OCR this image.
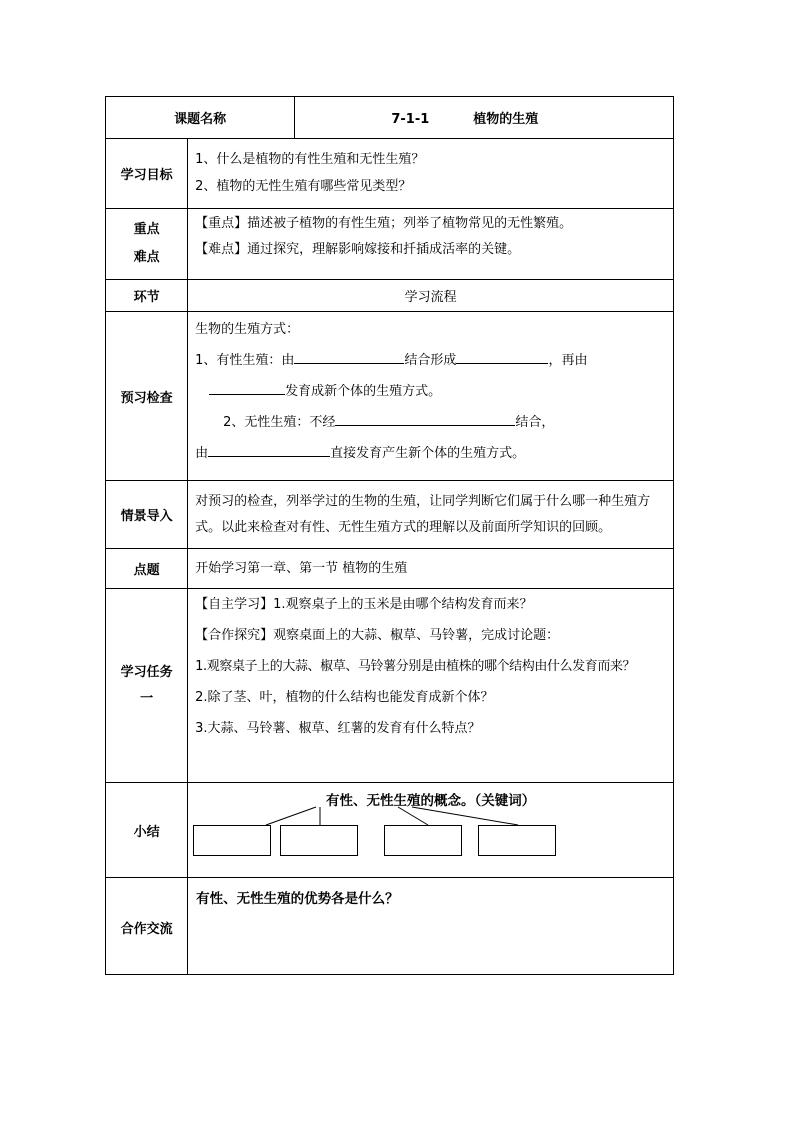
课题名称		7-1-1 植物的生殖
学习目标	1、什么是植物的有性生殖和无性生殖？
2、植物的无性生殖有哪些常见类型？	

重点
难点	【重点】描述被子植物的有性生殖；列举了植物常见的无性繁殖。
【难点】通过探究，理解影响嫁接和扦插成活率的关键。	

环节	学习流程	
预习检查	生物的生殖方式：
1、有性生殖：由 结合形成 ，再由
发育成新个体的生殖方式。
2、无性生殖：不经 结合，
由 直接发育产生新个体的生殖方式。	

情景导入	对预习的检查，列举学过的生物的生殖，让同学判断它们属于什么哪一种生殖方式。以此来检查对有性、无性生殖方式的理解以及前面所学知识的回顾。	
点题	开始学习第一章、第一节 植物的生殖	

学习任务
一	【自主学习】1.观察桌子上的玉米是由哪个结构发育而来？
【合作探究】观察桌面上的大蒜、椒草、马铃薯，完成讨论题：
1.观察桌子上的大蒜、椒草、马铃薯分别是由植株的哪个结构由什么发育而来？
2.除了茎、叶，植物的什么结构也能发育成新个体？
3.大蒜、马铃薯、椒草、红薯的发育有什么特点？	

小结	有性、无性生殖的概念。（关键词）	

合作交流	有性、无性生殖的优势各是什么？	
